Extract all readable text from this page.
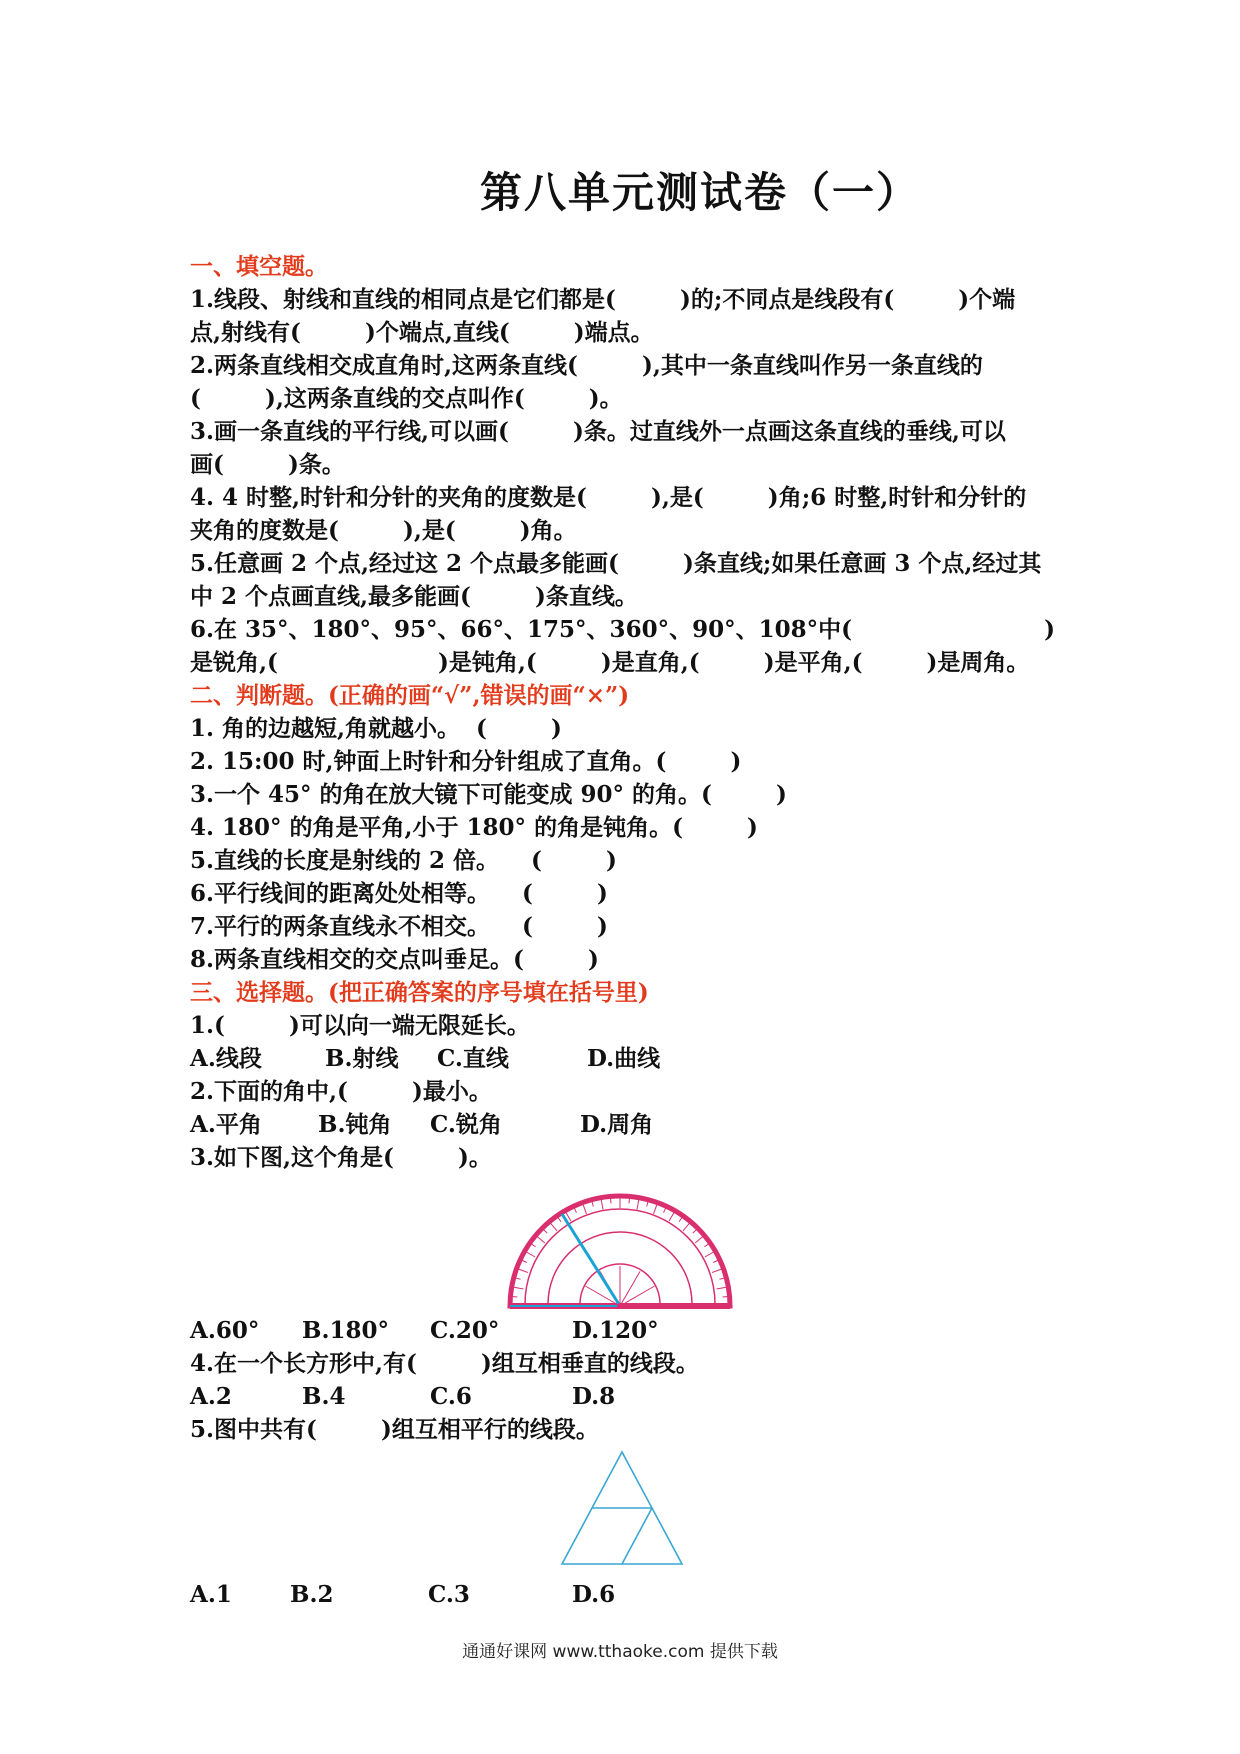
第八单元测试卷（一）
一、填空题。
1.线段、射线和直线的相同点是它们都是(        )的;不同点是线段有(        )个端
点,射线有(        )个端点,直线(        )端点。
2.两条直线相交成直角时,这两条直线(        ),其中一条直线叫作另一条直线的
(        ),这两条直线的交点叫作(        )。
3.画一条直线的平行线,可以画(        )条。过直线外一点画这条直线的垂线,可以
画(        )条。
4. 4 时整,时针和分针的夹角的度数是(        ),是(        )角;6 时整,时针和分针的
夹角的度数是(        ),是(        )角。
5.任意画 2 个点,经过这 2 个点最多能画(        )条直线;如果任意画 3 个点,经过其
中 2 个点画直线,最多能画(        )条直线。
6.在 35°、180°、95°、66°、175°、360°、90°、108°中(                        )
是锐角,(                    )是钝角,(        )是直角,(        )是平角,(        )是周角。
二、判断题。(正确的画“√”,错误的画“×”)
1. 角的边越短,角就越小。  (        )
2. 15:00 时,钟面上时针和分针组成了直角。(        )
3.一个 45° 的角在放大镜下可能变成 90° 的角。(        )
4. 180° 的角是平角,小于 180° 的角是钝角。(        )
5.直线的长度是射线的 2 倍。    (        )
6.平行线间的距离处处相等。    (        )
7.平行的两条直线永不相交。    (        )
8.两条直线相交的交点叫垂足。(        )
三、选择题。(把正确答案的序号填在括号里)
1.(        )可以向一端无限延长。
A.线段	B.射线	C.直线	D.曲线
2.下面的角中,(        )最小。
A.平角	B.钝角	C.锐角	D.周角
3.如下图,这个角是(        )。
A.60°	B.180°	C.20°	D.120°
4.在一个长方形中,有(        )组互相垂直的线段。
A.2	B.4	C.6	D.8
5.图中共有(        )组互相平行的线段。
A.1	B.2	C.3	D.6
通通好课网 www.tthaoke.com 提供下载
